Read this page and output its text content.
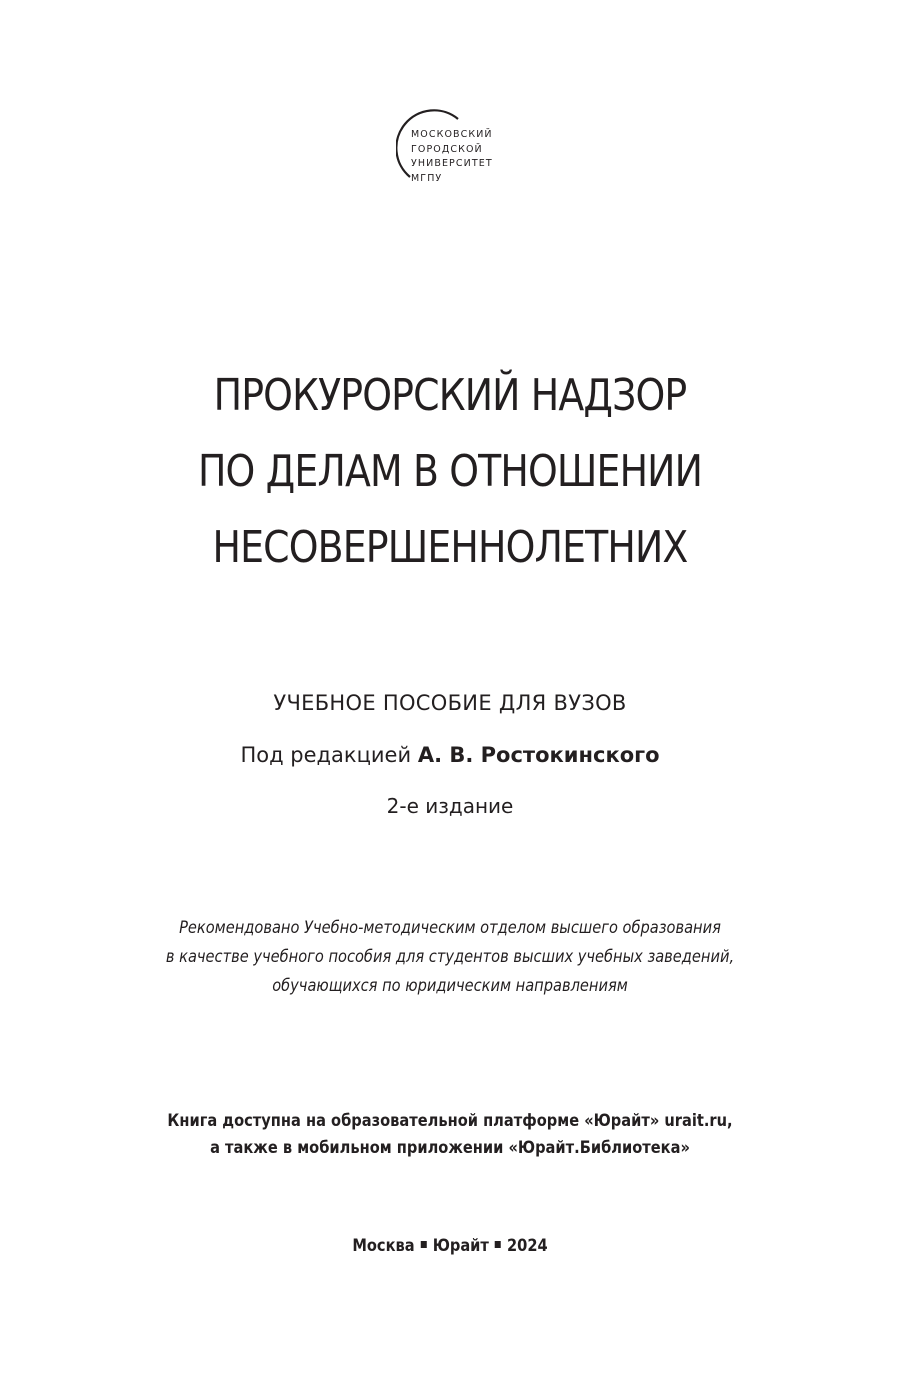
МОСКОВСКИЙ
ГОРОДСКОЙ
УНИВЕРСИТЕТ
МГПУ
ПРОКУРОРСКИЙ НАДЗОР
ПО ДЕЛАМ В ОТНОШЕНИИ
НЕСОВЕРШЕННОЛЕТНИХ
УЧЕБНОЕ ПОСОБИЕ ДЛЯ ВУЗОВ
Под редакцией А. В. Ростокинского
2-е издание
Рекомендовано Учебно-методическим отделом высшего образования
в качестве учебного пособия для студентов высших учебных заведений,
обучающихся по юридическим направлениям
Книга доступна на образовательной платформе «Юрайт» urait.ru,
а также в мобильном приложении «Юрайт.Библиотека»
Москва Юрайт 2024
